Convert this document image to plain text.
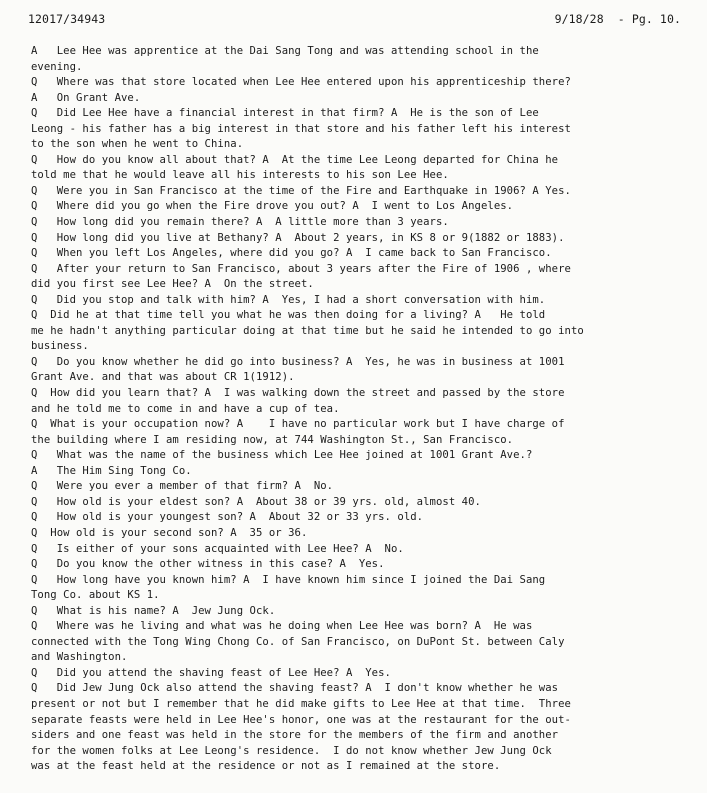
12017/34943	9/18/28  - Pg. 10.
A   Lee Hee was apprentice at the Dai Sang Tong and was attending school in the
evening.
Q   Where was that store located when Lee Hee entered upon his apprenticeship there?
A   On Grant Ave.
Q   Did Lee Hee have a financial interest in that firm? A  He is the son of Lee
Leong - his father has a big interest in that store and his father left his interest
to the son when he went to China.
Q   How do you know all about that? A  At the time Lee Leong departed for China he
told me that he would leave all his interests to his son Lee Hee.
Q   Were you in San Francisco at the time of the Fire and Earthquake in 1906? A Yes.
Q   Where did you go when the Fire drove you out? A  I went to Los Angeles.
Q   How long did you remain there? A  A little more than 3 years.
Q   How long did you live at Bethany? A  About 2 years, in KS 8 or 9(1882 or 1883).
Q   When you left Los Angeles, where did you go? A  I came back to San Francisco.
Q   After your return to San Francisco, about 3 years after the Fire of 1906 , where
did you first see Lee Hee? A  On the street.
Q   Did you stop and talk with him? A  Yes, I had a short conversation with him.
Q  Did he at that time tell you what he was then doing for a living? A   He told
me he hadn't anything particular doing at that time but he said he intended to go into
business.
Q   Do you know whether he did go into business? A  Yes, he was in business at 1001
Grant Ave. and that was about CR 1(1912).
Q  How did you learn that? A  I was walking down the street and passed by the store
and he told me to come in and have a cup of tea.
Q  What is your occupation now? A    I have no particular work but I have charge of
the building where I am residing now, at 744 Washington St., San Francisco.
Q   What was the name of the business which Lee Hee joined at 1001 Grant Ave.?
A   The Him Sing Tong Co.
Q   Were you ever a member of that firm? A  No.
Q   How old is your eldest son? A  About 38 or 39 yrs. old, almost 40.
Q   How old is your youngest son? A  About 32 or 33 yrs. old.
Q  How old is your second son? A  35 or 36.
Q   Is either of your sons acquainted with Lee Hee? A  No.
Q   Do you know the other witness in this case? A  Yes.
Q   How long have you known him? A  I have known him since I joined the Dai Sang
Tong Co. about KS 1.
Q   What is his name? A  Jew Jung Ock.
Q   Where was he living and what was he doing when Lee Hee was born? A  He was
connected with the Tong Wing Chong Co. of San Francisco, on DuPont St. between Caly
and Washington.
Q   Did you attend the shaving feast of Lee Hee? A  Yes.
Q   Did Jew Jung Ock also attend the shaving feast? A  I don't know whether he was
present or not but I remember that he did make gifts to Lee Hee at that time.  Three
separate feasts were held in Lee Hee's honor, one was at the restaurant for the out-
siders and one feast was held in the store for the members of the firm and another
for the women folks at Lee Leong's residence.  I do not know whether Jew Jung Ock
was at the feast held at the residence or not as I remained at the store.
